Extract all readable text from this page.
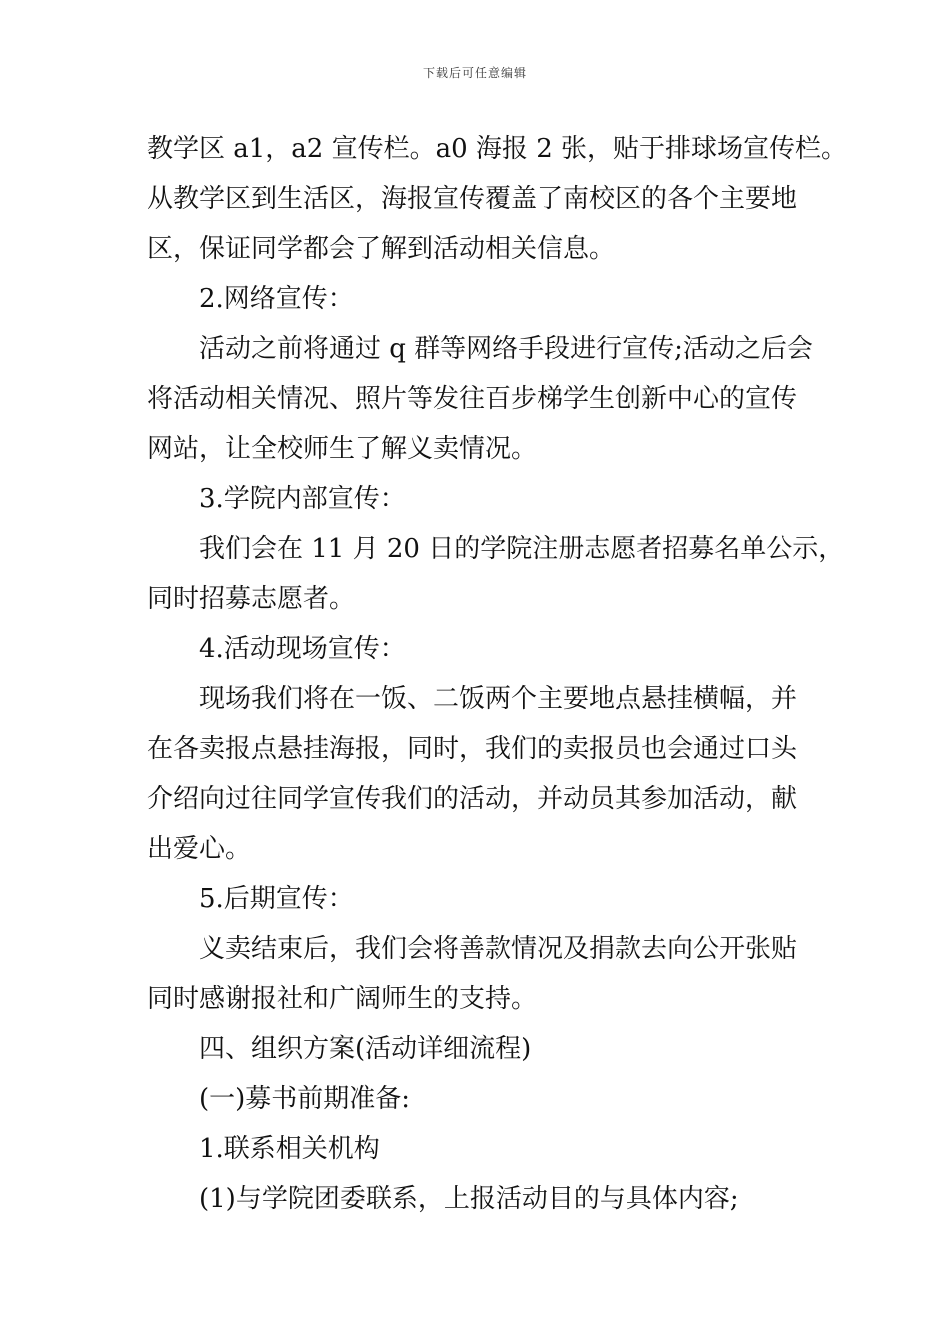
下载后可任意编辑
教学区 a1，a2 宣传栏。a0 海报 2 张，贴于排球场宣传栏。
从教学区到生活区，海报宣传覆盖了南校区的各个主要地
区，保证同学都会了解到活动相关信息。
2.网络宣传：
活动之前将通过 q 群等网络手段进行宣传;活动之后会
将活动相关情况、照片等发往百步梯学生创新中心的宣传
网站，让全校师生了解义卖情况。
3.学院内部宣传：
我们会在 11 月 20 日的学院注册志愿者招募名单公示，
同时招募志愿者。
4.活动现场宣传：
现场我们将在一饭、二饭两个主要地点悬挂横幅，并
在各卖报点悬挂海报，同时，我们的卖报员也会通过口头
介绍向过往同学宣传我们的活动，并动员其参加活动，献
出爱心。
5.后期宣传：
义卖结束后，我们会将善款情况及捐款去向公开张贴
同时感谢报社和广阔师生的支持。
四、组织方案(活动详细流程)
(一)募书前期准备:
1.联系相关机构
(1)与学院团委联系，上报活动目的与具体内容;
